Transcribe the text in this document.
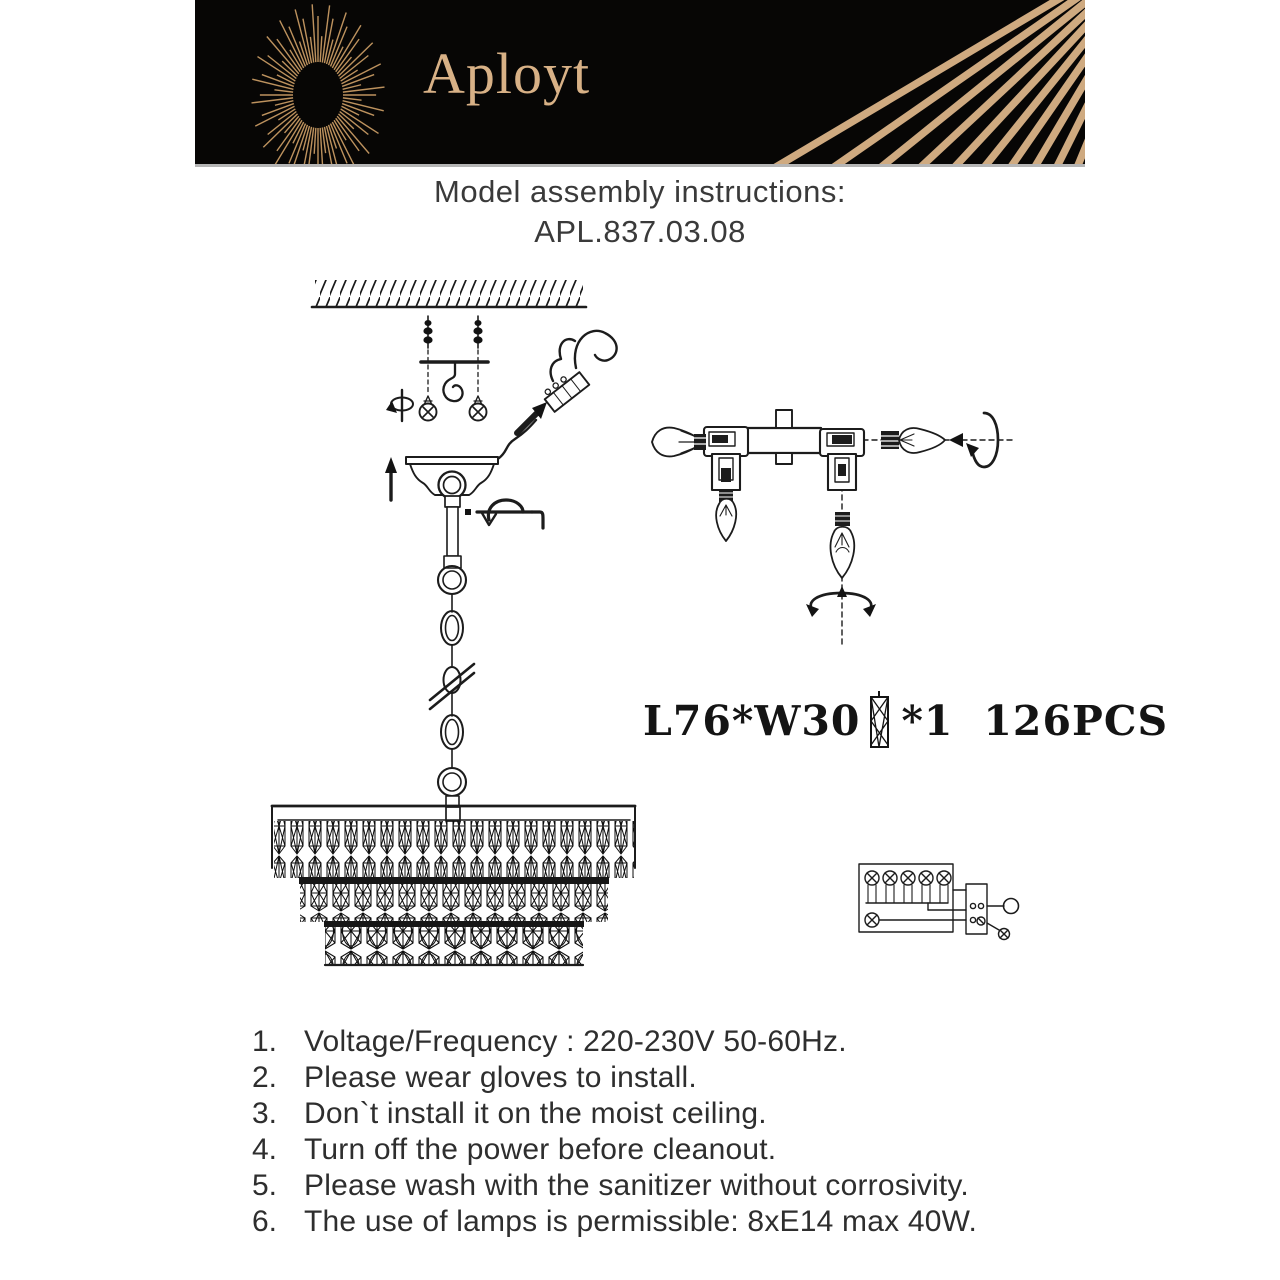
Aployt
Model assembly instructions:
APL.837.03.08
L76*W30 *1 126PCS
1. Voltage/Frequency : 220-230V 50-60Hz.
2. Please wear gloves to install.
3. Don`t install it on the moist ceiling.
4. Turn off the power before cleanout.
5. Please wash with the sanitizer without corrosivity.
6. The use of lamps is permissible: 8xE14 max 40W.
